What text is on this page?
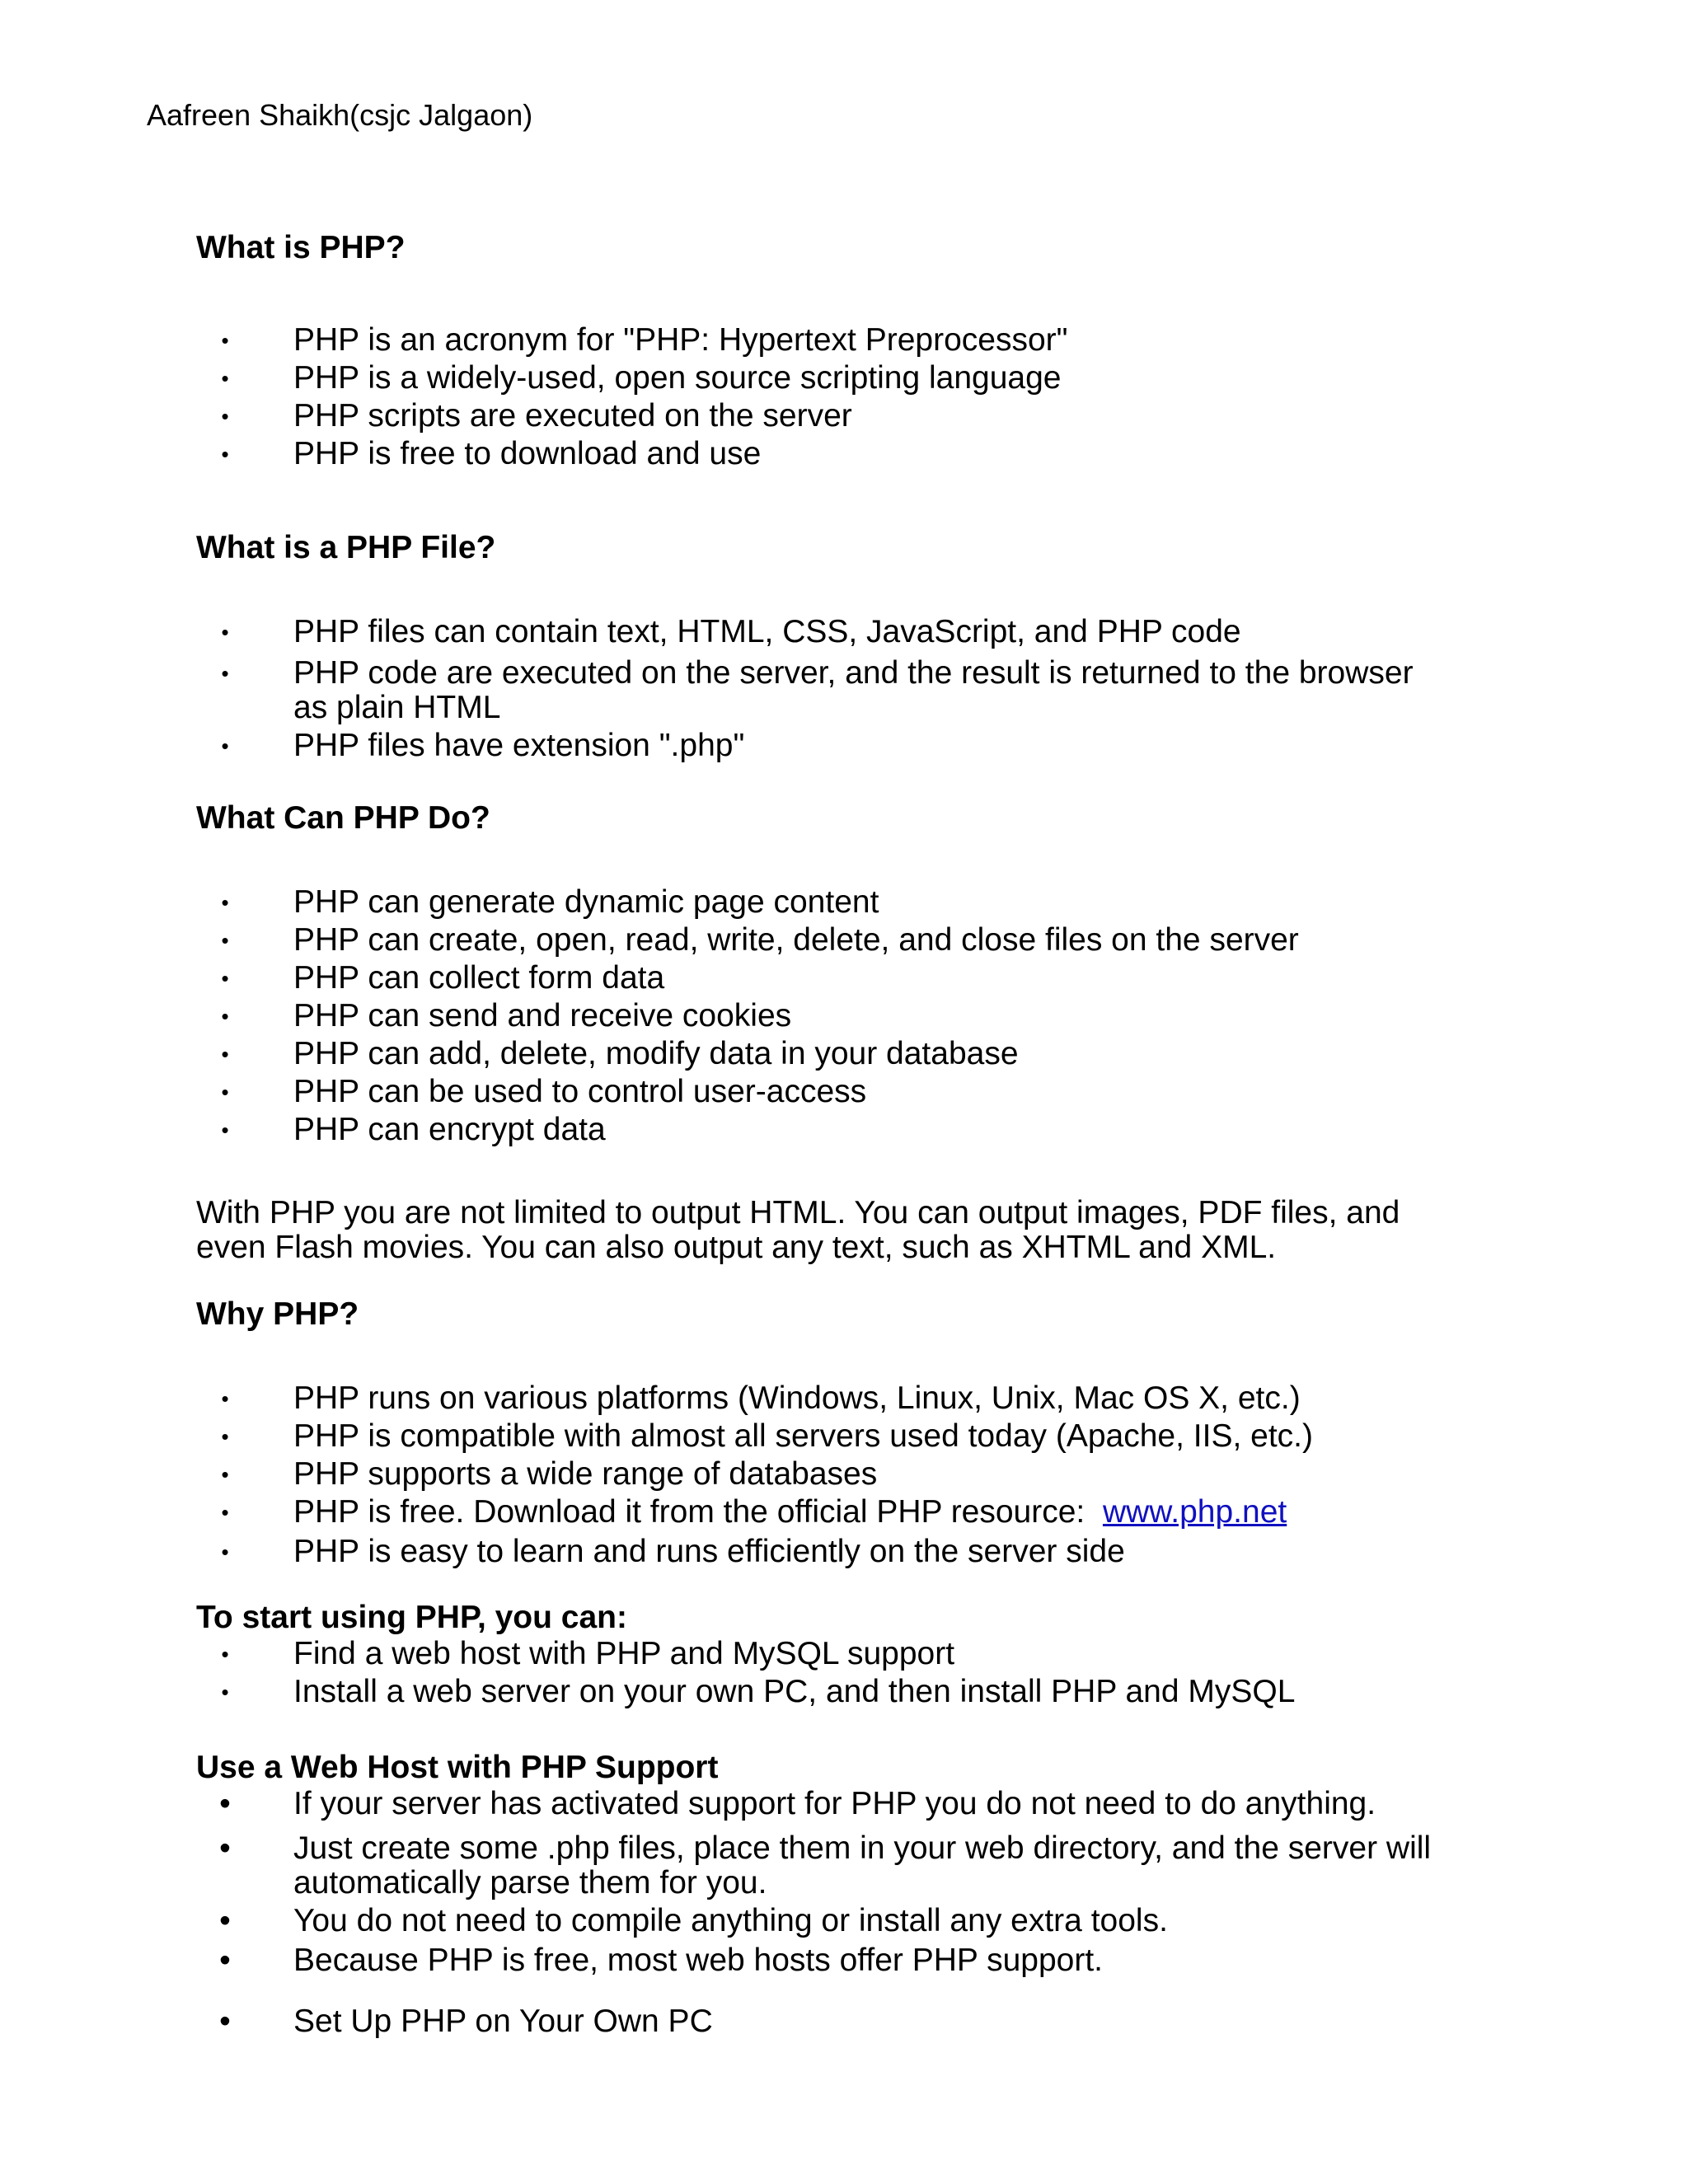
Aafreen Shaikh(csjc Jalgaon)

What is PHP?
•	PHP is an acronym for "PHP: Hypertext Preprocessor"
•	PHP is a widely-used, open source scripting language
•	PHP scripts are executed on the server
•	PHP is free to download and use
What is a PHP File?
•	PHP files can contain text, HTML, CSS, JavaScript, and PHP code
•	PHP code are executed on the server, and the result is returned to the browser
as plain HTML
•	PHP files have extension ".php"
What Can PHP Do?
•	PHP can generate dynamic page content
•	PHP can create, open, read, write, delete, and close files on the server
•	PHP can collect form data
•	PHP can send and receive cookies
•	PHP can add, delete, modify data in your database
•	PHP can be used to control user-access
•	PHP can encrypt data

With PHP you are not limited to output HTML. You can output images, PDF files, and
even Flash movies. You can also output any text, such as XHTML and XML.

Why PHP?
•	PHP runs on various platforms (Windows, Linux, Unix, Mac OS X, etc.)
•	PHP is compatible with almost all servers used today (Apache, IIS, etc.)
•	PHP supports a wide range of databases
•	PHP is free. Download it from the official PHP resource: www.php.net
•	PHP is easy to learn and runs efficiently on the server side
To start using PHP, you can:
•	Find a web host with PHP and MySQL support
•	Install a web server on your own PC, and then install PHP and MySQL
Use a Web Host with PHP Support
•	If your server has activated support for PHP you do not need to do anything.
•	Just create some .php files, place them in your web directory, and the server will
automatically parse them for you.
•	You do not need to compile anything or install any extra tools.
•	Because PHP is free, most web hosts offer PHP support.
•	Set Up PHP on Your Own PC
